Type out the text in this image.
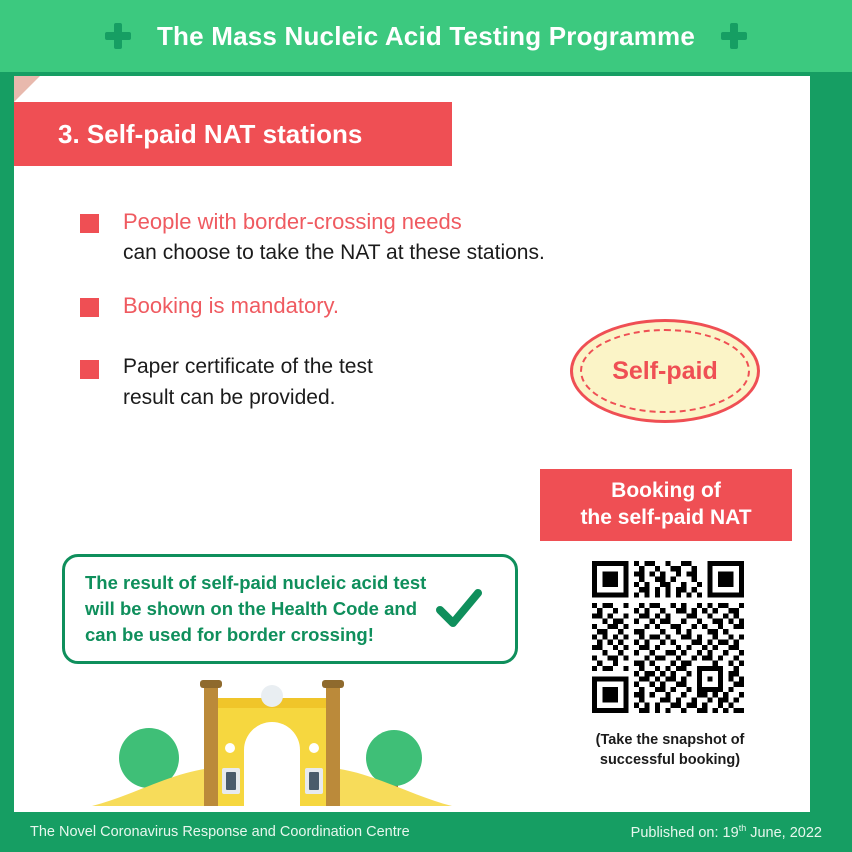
The Mass Nucleic Acid Testing Programme
3. Self-paid NAT stations
People with border-crossing needs
can choose to take the NAT at these stations.
Booking is mandatory.
Paper certificate of the test
result can be provided.
Self-paid
Booking of
the self-paid NAT
(Take the snapshot of
successful booking)
The result of self-paid nucleic acid test
will be shown on the Health Code and
can be used for border crossing!
The Novel Coronavirus Response and Coordination Centre	Published on: 19th June, 2022
